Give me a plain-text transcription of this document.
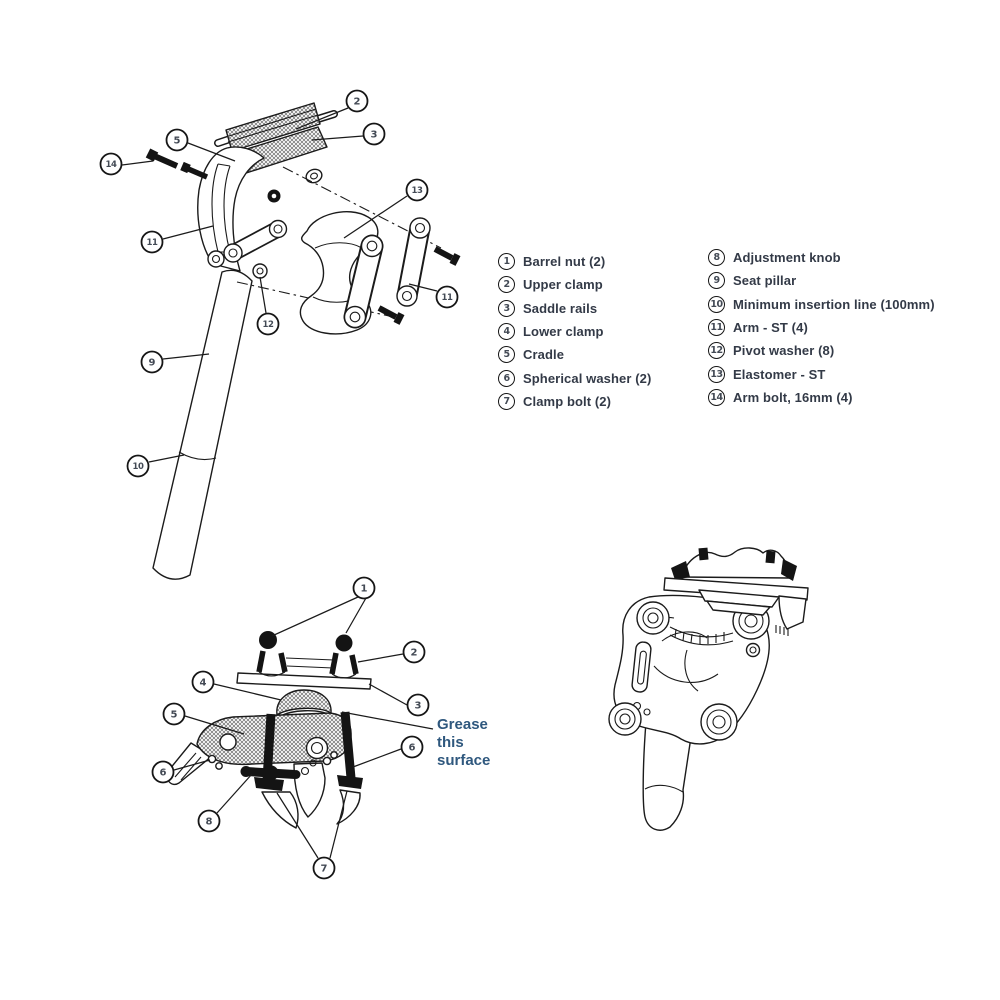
2
3
5
14
11
13
12
11
9
10
1
2
4
3
5
6
6
8
7
1	Barrel nut (2)
2	Upper clamp
3	Saddle rails
4	Lower clamp
5	Cradle
6	Spherical washer (2)
7	Clamp bolt (2)
8	Adjustment knob
9	Seat pillar
10 Minimum insertion line (100mm)
11 Arm - ST (4)
12 Pivot washer (8)
13 Elastomer - ST
14 Arm bolt, 16mm (4)
Grease
this
surface
